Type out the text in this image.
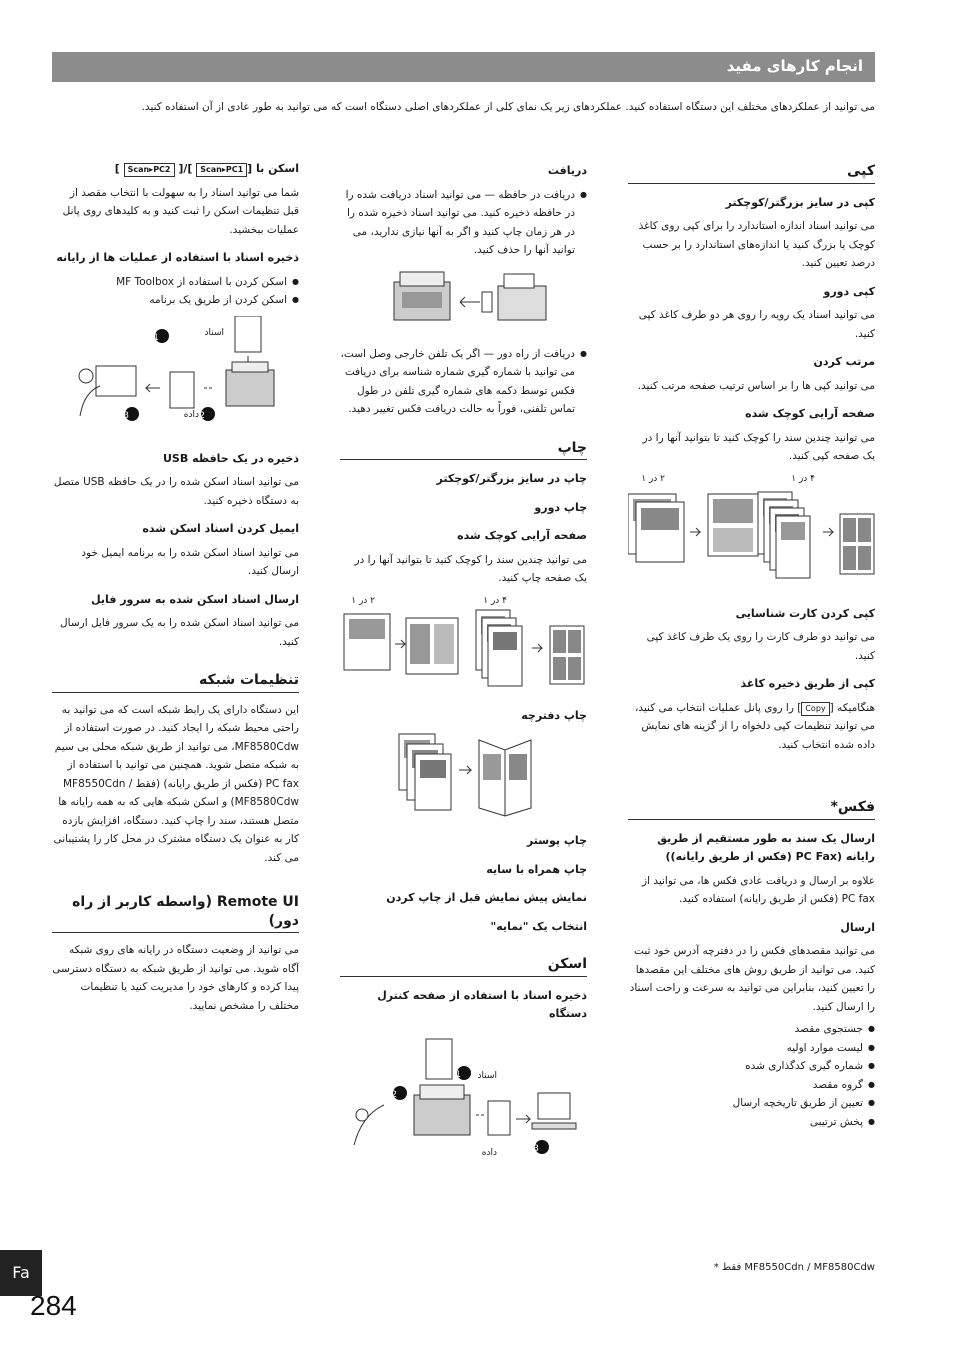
انجام کارهای مفید
می توانید از عملکردهای مختلف این دستگاه استفاده کنید. عملکردهای زیر یک نمای کلی از عملکردهای اصلی دستگاه است که می توانید به طور عادی از آن استفاده کنید.
کپی
کپی در سایز بزرگتر/کوچکتر
می توانید اسناد اندازه استاندارد را برای کپی روی کاغذ کوچک یا بزرگ کنید یا اندازه‌های استاندارد را بر حسب درصد تعیین کنید.
کپی دورو
می توانید اسناد یک رویه را روی هر دو طرف کاغذ کپی کنید.
مرتب کردن
می توانید کپی ها را بر اساس ترتیب صفحه مرتب کنید.
صفحه آرایی کوچک شده
می توانید چندین سند را کوچک کنید تا بتوانید آنها را در یک صفحه کپی کنید.
۴ در ۱
۲ در ۱
کپی کردن کارت شناسایی
می توانید دو طرف کارت را روی یک طرف کاغذ کپی کنید.
کپی از طریق ذخیره کاغذ
هنگامیکه [Copy] را روی پانل عملیات انتخاب می کنید، می توانید تنظیمات کپی دلخواه را از گزینه های نمایش داده شده انتخاب کنید.
فکس*
ارسال یک سند به طور مستقیم از طریق رایانه (PC Fax (فکس از طریق رایانه))
علاوه بر ارسال و دریافت عادی فکس ها، می توانید از PC fax (فکس از طریق رایانه) استفاده کنید.
ارسال
می توانید مقصدهای فکس را در دفترچه آدرس خود ثبت کنید. می توانید از طریق روش های مختلف این مقصدها را تعیین کنید، بنابراین می توانید به سرعت و راحت اسناد را ارسال کنید.
● جستجوی مقصد
● لیست موارد اولیه
● شماره گیری کدگذاری شده
● گروه مقصد
● تعیین از طریق تاریخچه ارسال
● پخش ترتیبی
دریافت
● دریافت در حافظه — می توانید اسناد دریافت شده را در حافظه ذخیره کنید. می توانید اسناد ذخیره شده را در هر زمان چاپ کنید و اگر به آنها نیازی ندارید، می توانید آنها را حذف کنید.
● دریافت از راه دور — اگر یک تلفن خارجی وصل است، می توانید با شماره گیری شماره شناسه برای دریافت فکس توسط دکمه های شماره گیری تلفن در طول تماس تلفنی، فوراً به حالت دریافت فکس تغییر دهید.
چاپ
چاپ در سایز بزرگتر/کوچکتر
چاپ دورو
صفحه آرایی کوچک شده
می توانید چندین سند را کوچک کنید تا بتوانید آنها را در یک صفحه چاپ کنید.
۴ در ۱
۲ در ۱
چاپ دفترچه
چاپ پوستر
چاپ همراه با سایه
نمایش پیش نمایش قبل از چاپ کردن
انتخاب یک "نمایه"
اسکن
ذخیره اسناد با استفاده از صفحه کنترل دستگاه
اسناد
داده
1
2
3
اسکن با [Scan▸PC1 ]/[ Scan▸PC2 ]
شما می توانید اسناد را به سهولت با انتخاب مقصد از قبل تنظیمات اسکن را ثبت کنید و به کلیدهای روی پانل عملیات ببخشید.
ذخیره اسناد با استفاده از عملیات ها از رایانه
● اسکن کردن با استفاده از MF Toolbox
● اسکن کردن از طریق یک برنامه
اسناد
داده
1
2
3
ذخیره در یک حافظه USB
می توانید اسناد اسکن شده را در یک حافظه USB متصل به دستگاه ذخیره کنید.
ایمیل کردن اسناد اسکن شده
می توانید اسناد اسکن شده را به برنامه ایمیل خود ارسال کنید.
ارسال اسناد اسکن شده به سرور فایل
می توانید اسناد اسکن شده را به یک سرور فایل ارسال کنید.
تنظیمات شبکه
این دستگاه دارای یک رابط شبکه است که می توانید به راحتی محیط شبکه را ایجاد کنید. در صورت استفاده از MF8580Cdw، می توانید از طریق شبکه محلی بی سیم به شبکه متصل شوید. همچنین می توانید با استفاده از PC fax (فکس از طریق رایانه) (فقط MF8550Cdn / MF8580Cdw) و اسکن شبکه هایی که به همه رایانه ها متصل هستند، سند را چاپ کنید. دستگاه، افزایش بازده کار به عنوان یک دستگاه مشترک در محل کار را پشتیبانی می کند.
Remote UI (واسطه کاربر از راه دور)
می توانید از وضعیت دستگاه در رایانه های روی شبکه آگاه شوید. می توانید از طریق شبکه به دستگاه دسترسی پیدا کرده و کارهای خود را مدیریت کنید یا تنظیمات مختلف را مشخص نمایید.
Fa
284
* فقط MF8550Cdn / MF8580Cdw
